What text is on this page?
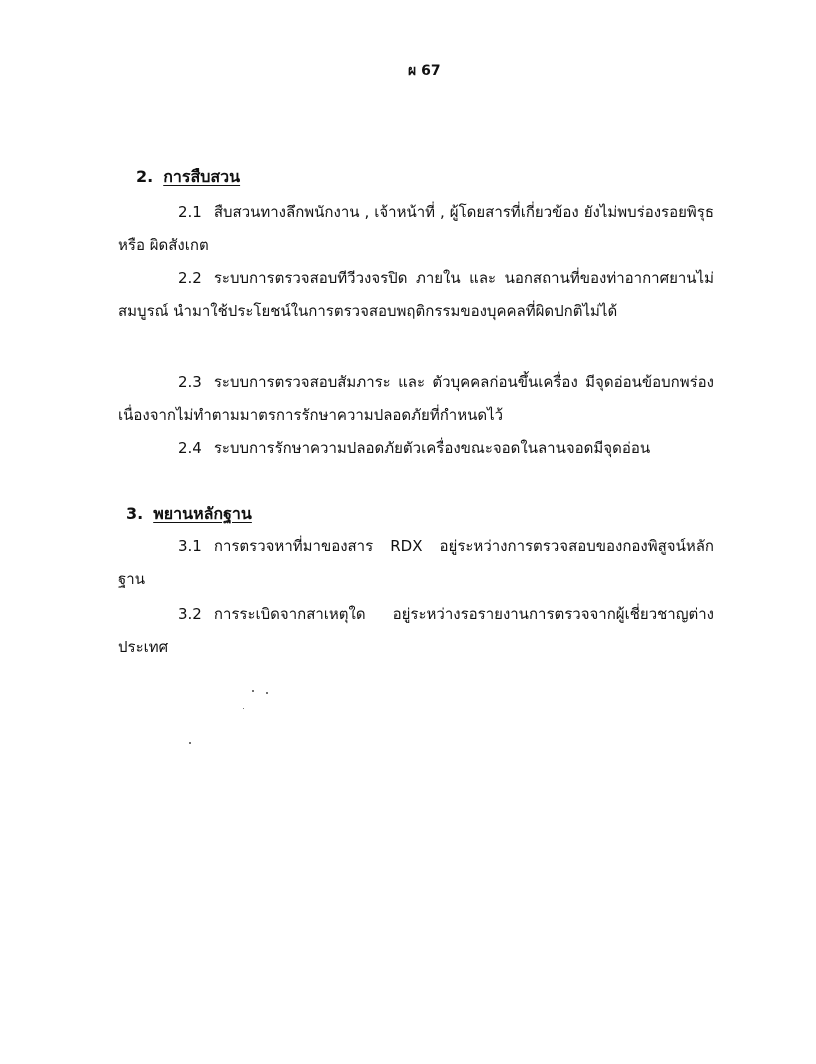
ผ 67
2. การสืบสวน
2.1 สืบสวนทางลึกพนักงาน , เจ้าหน้าที่ , ผู้โดยสารที่เกี่ยวข้อง ยังไม่พบร่องรอยพิรุธ หรือ ผิดสังเกต
2.2 ระบบการตรวจสอบทีวีวงจรปิด ภายใน และ นอกสถานที่ของท่าอากาศยานไม่สมบูรณ์ นำมาใช้ประโยชน์ในการตรวจสอบพฤติกรรมของบุคคลที่ผิดปกติไม่ได้
2.3 ระบบการตรวจสอบสัมภาระ และ ตัวบุคคลก่อนขึ้นเครื่อง มีจุดอ่อนข้อบกพร่อง เนื่องจากไม่ทำตามมาตรการรักษาความปลอดภัยที่กำหนดไว้
2.4 ระบบการรักษาความปลอดภัยตัวเครื่องขณะจอดในลานจอดมีจุดอ่อน
3. พยานหลักฐาน
3.1 การตรวจหาที่มาของสาร RDX อยู่ระหว่างการตรวจสอบของกองพิสูจน์หลักฐาน
3.2 การระเบิดจากสาเหตุใด อยู่ระหว่างรอรายงานการตรวจจากผู้เชี่ยวชาญต่างประเทศ
